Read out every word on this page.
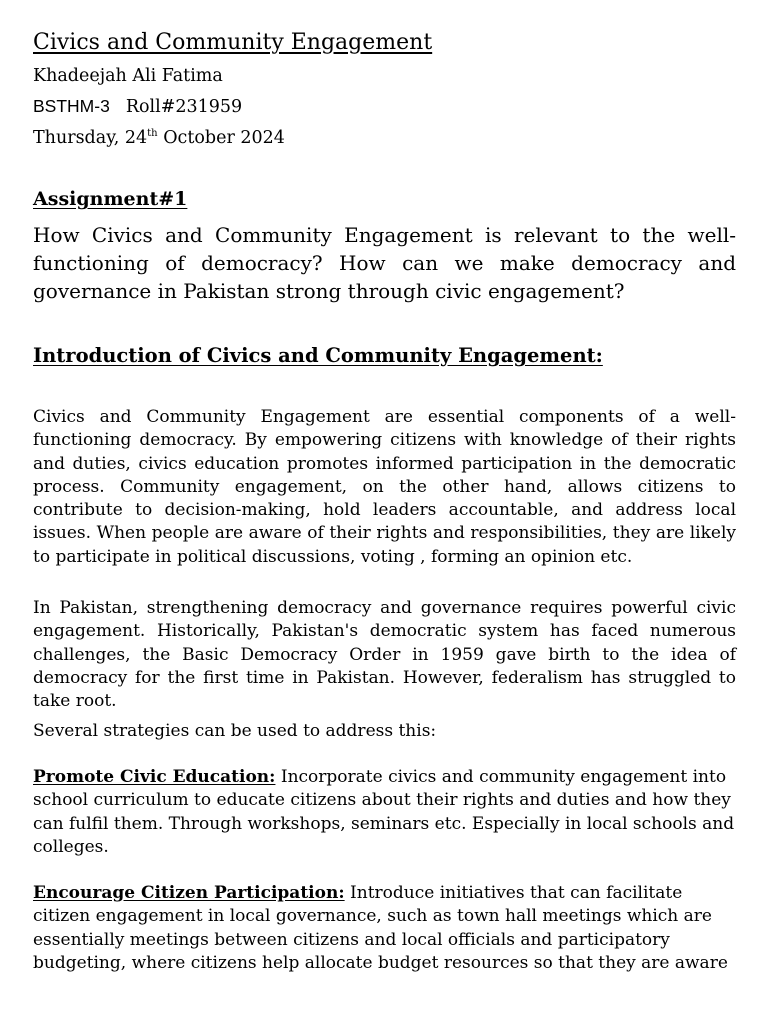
Civics and Community Engagement
Khadeejah Ali Fatima
BSTHM-3 Roll#231959
Thursday, 24th October 2024
Assignment#1
How Civics and Community Engagement is relevant to the well-functioning of democracy? How can we make democracy and governance in Pakistan strong through civic engagement?
Introduction of Civics and Community Engagement:

Civics and Community Engagement are essential components of a well-functioning democracy. By empowering citizens with knowledge of their rights and duties, civics education promotes informed participation in the democratic process. Community engagement, on the other hand, allows citizens to contribute to decision-making, hold leaders accountable, and address local issues. When people are aware of their rights and responsibilities, they are likely to participate in political discussions, voting , forming an opinion etc.

In Pakistan, strengthening democracy and governance requires powerful civic engagement. Historically, Pakistan's democratic system has faced numerous challenges, the Basic Democracy Order in 1959 gave birth to the idea of democracy for the first time in Pakistan. However, federalism has struggled to take root.

Several strategies can be used to address this:

Promote Civic Education: Incorporate civics and community engagement into school curriculum to educate citizens about their rights and duties and how they can fulfil them. Through workshops, seminars etc. Especially in local schools and colleges.

Encourage Citizen Participation: Introduce initiatives that can facilitate citizen engagement in local governance, such as town hall meetings which are essentially meetings between citizens and local officials and participatory budgeting, where citizens help allocate budget resources so that they are aware
